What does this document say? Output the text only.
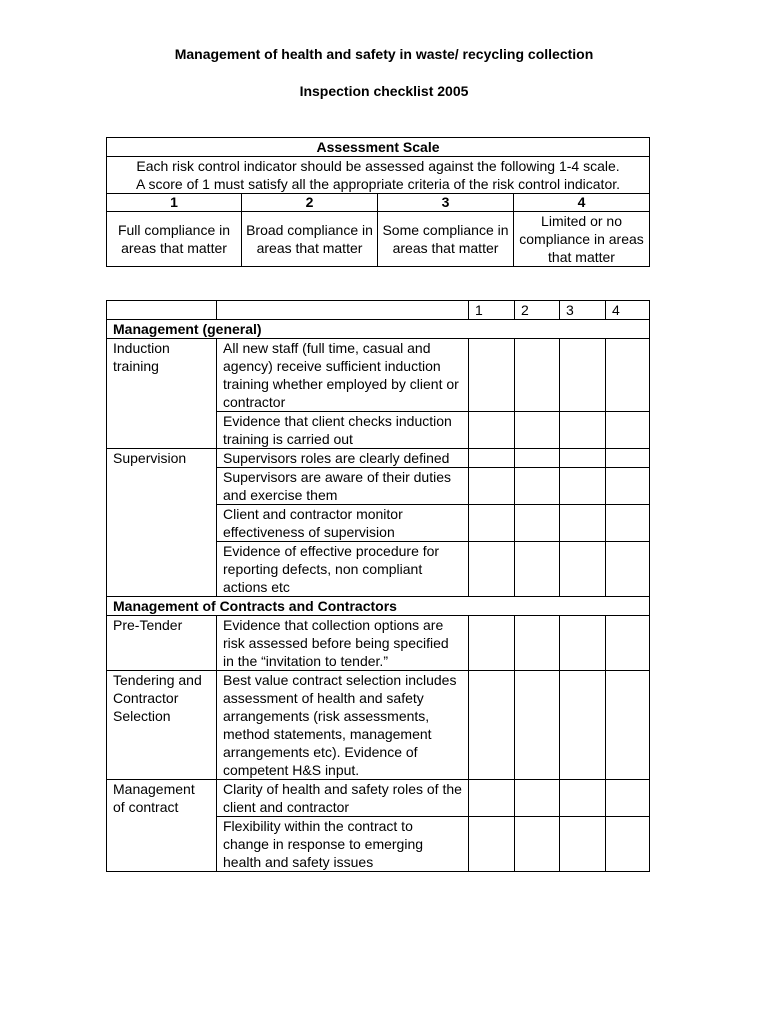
Management of health and safety in waste/ recycling collection
Inspection checklist 2005
Assessment Scale			
Each risk control indicator should be assessed against the following 1-4 scale.			
A score of 1 must satisfy all the appropriate criteria of the risk control indicator.			
1	2	3	4
Full compliance in areas that matter	Broad compliance in areas that matter	Some compliance in areas that matter	Limited or no compliance in areas that matter
		1	2	3	4
Management (general)					
Induction training	All new staff (full time, casual and agency) receive sufficient induction training whether employed by client or contractor				
	Evidence that client checks induction training is carried out				
Supervision	Supervisors roles are clearly defined				
	Supervisors are aware of their duties and exercise them				
	Client and contractor monitor effectiveness of supervision				
	Evidence of effective procedure for reporting defects, non compliant actions etc				
Management of Contracts and Contractors					
Pre-Tender	Evidence that collection options are risk assessed before being specified in the “invitation to tender.”				
Tendering and Contractor Selection	Best value contract selection includes assessment of health and safety arrangements (risk assessments, method statements, management arrangements etc). Evidence of competent H&S input.				
Management of contract	Clarity of health and safety roles of the client and contractor				
	Flexibility within the contract to change in response to emerging health and safety issues				
